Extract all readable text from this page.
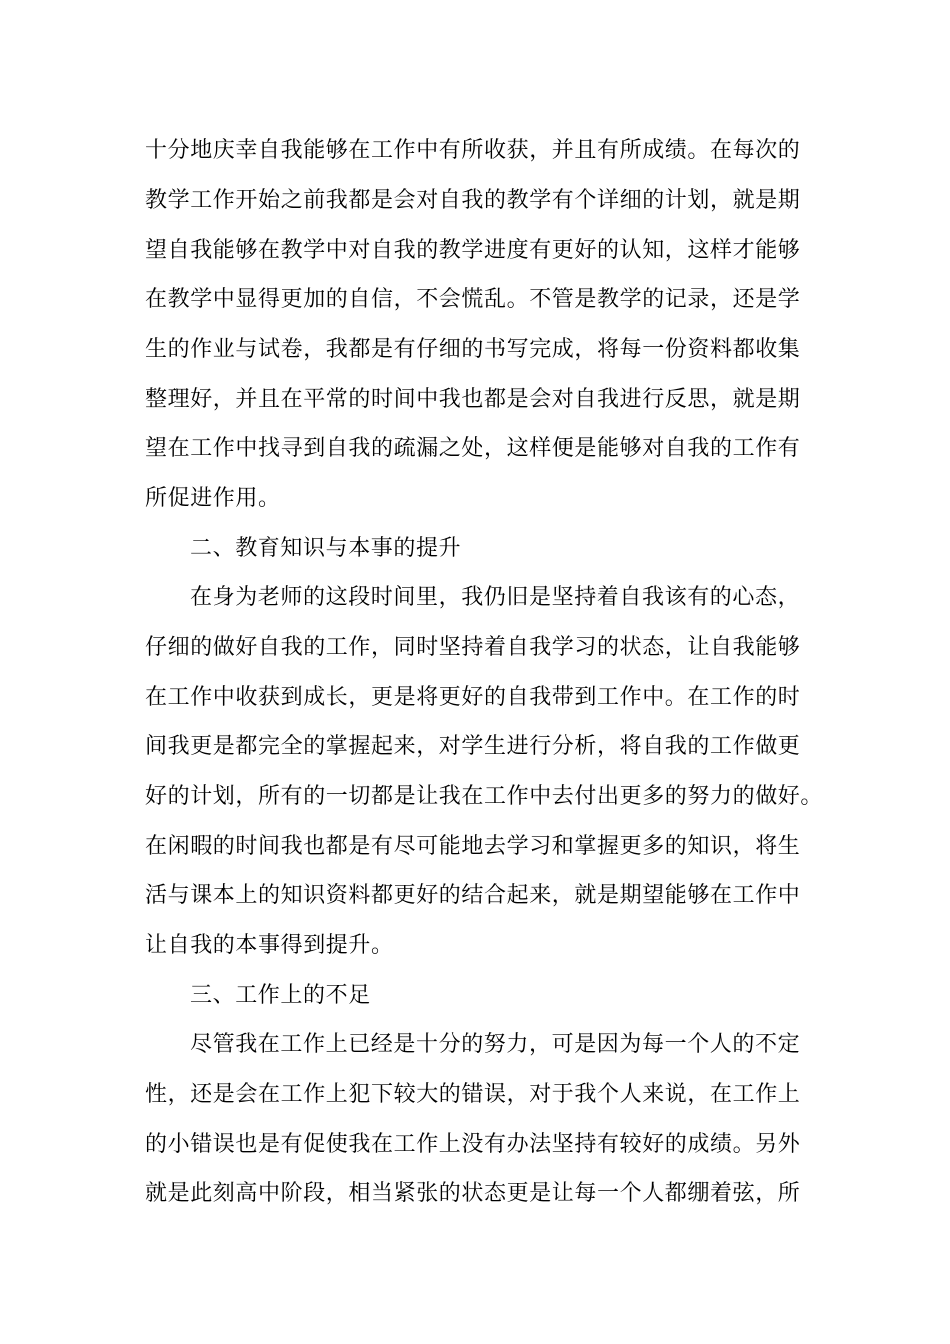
十分地庆幸自我能够在工作中有所收获，并且有所成绩。在每次的
教学工作开始之前我都是会对自我的教学有个详细的计划，就是期
望自我能够在教学中对自我的教学进度有更好的认知，这样才能够
在教学中显得更加的自信，不会慌乱。不管是教学的记录，还是学
生的作业与试卷，我都是有仔细的书写完成，将每一份资料都收集
整理好，并且在平常的时间中我也都是会对自我进行反思，就是期
望在工作中找寻到自我的疏漏之处，这样便是能够对自我的工作有
所促进作用。
二、教育知识与本事的提升
在身为老师的这段时间里，我仍旧是坚持着自我该有的心态，
仔细的做好自我的工作，同时坚持着自我学习的状态，让自我能够
在工作中收获到成长，更是将更好的自我带到工作中。在工作的时
间我更是都完全的掌握起来，对学生进行分析，将自我的工作做更
好的计划，所有的一切都是让我在工作中去付出更多的努力的做好。
在闲暇的时间我也都是有尽可能地去学习和掌握更多的知识，将生
活与课本上的知识资料都更好的结合起来，就是期望能够在工作中
让自我的本事得到提升。
三、工作上的不足
尽管我在工作上已经是十分的努力，可是因为每一个人的不定
性，还是会在工作上犯下较大的错误，对于我个人来说，在工作上
的小错误也是有促使我在工作上没有办法坚持有较好的成绩。另外
就是此刻高中阶段，相当紧张的状态更是让每一个人都绷着弦，所
